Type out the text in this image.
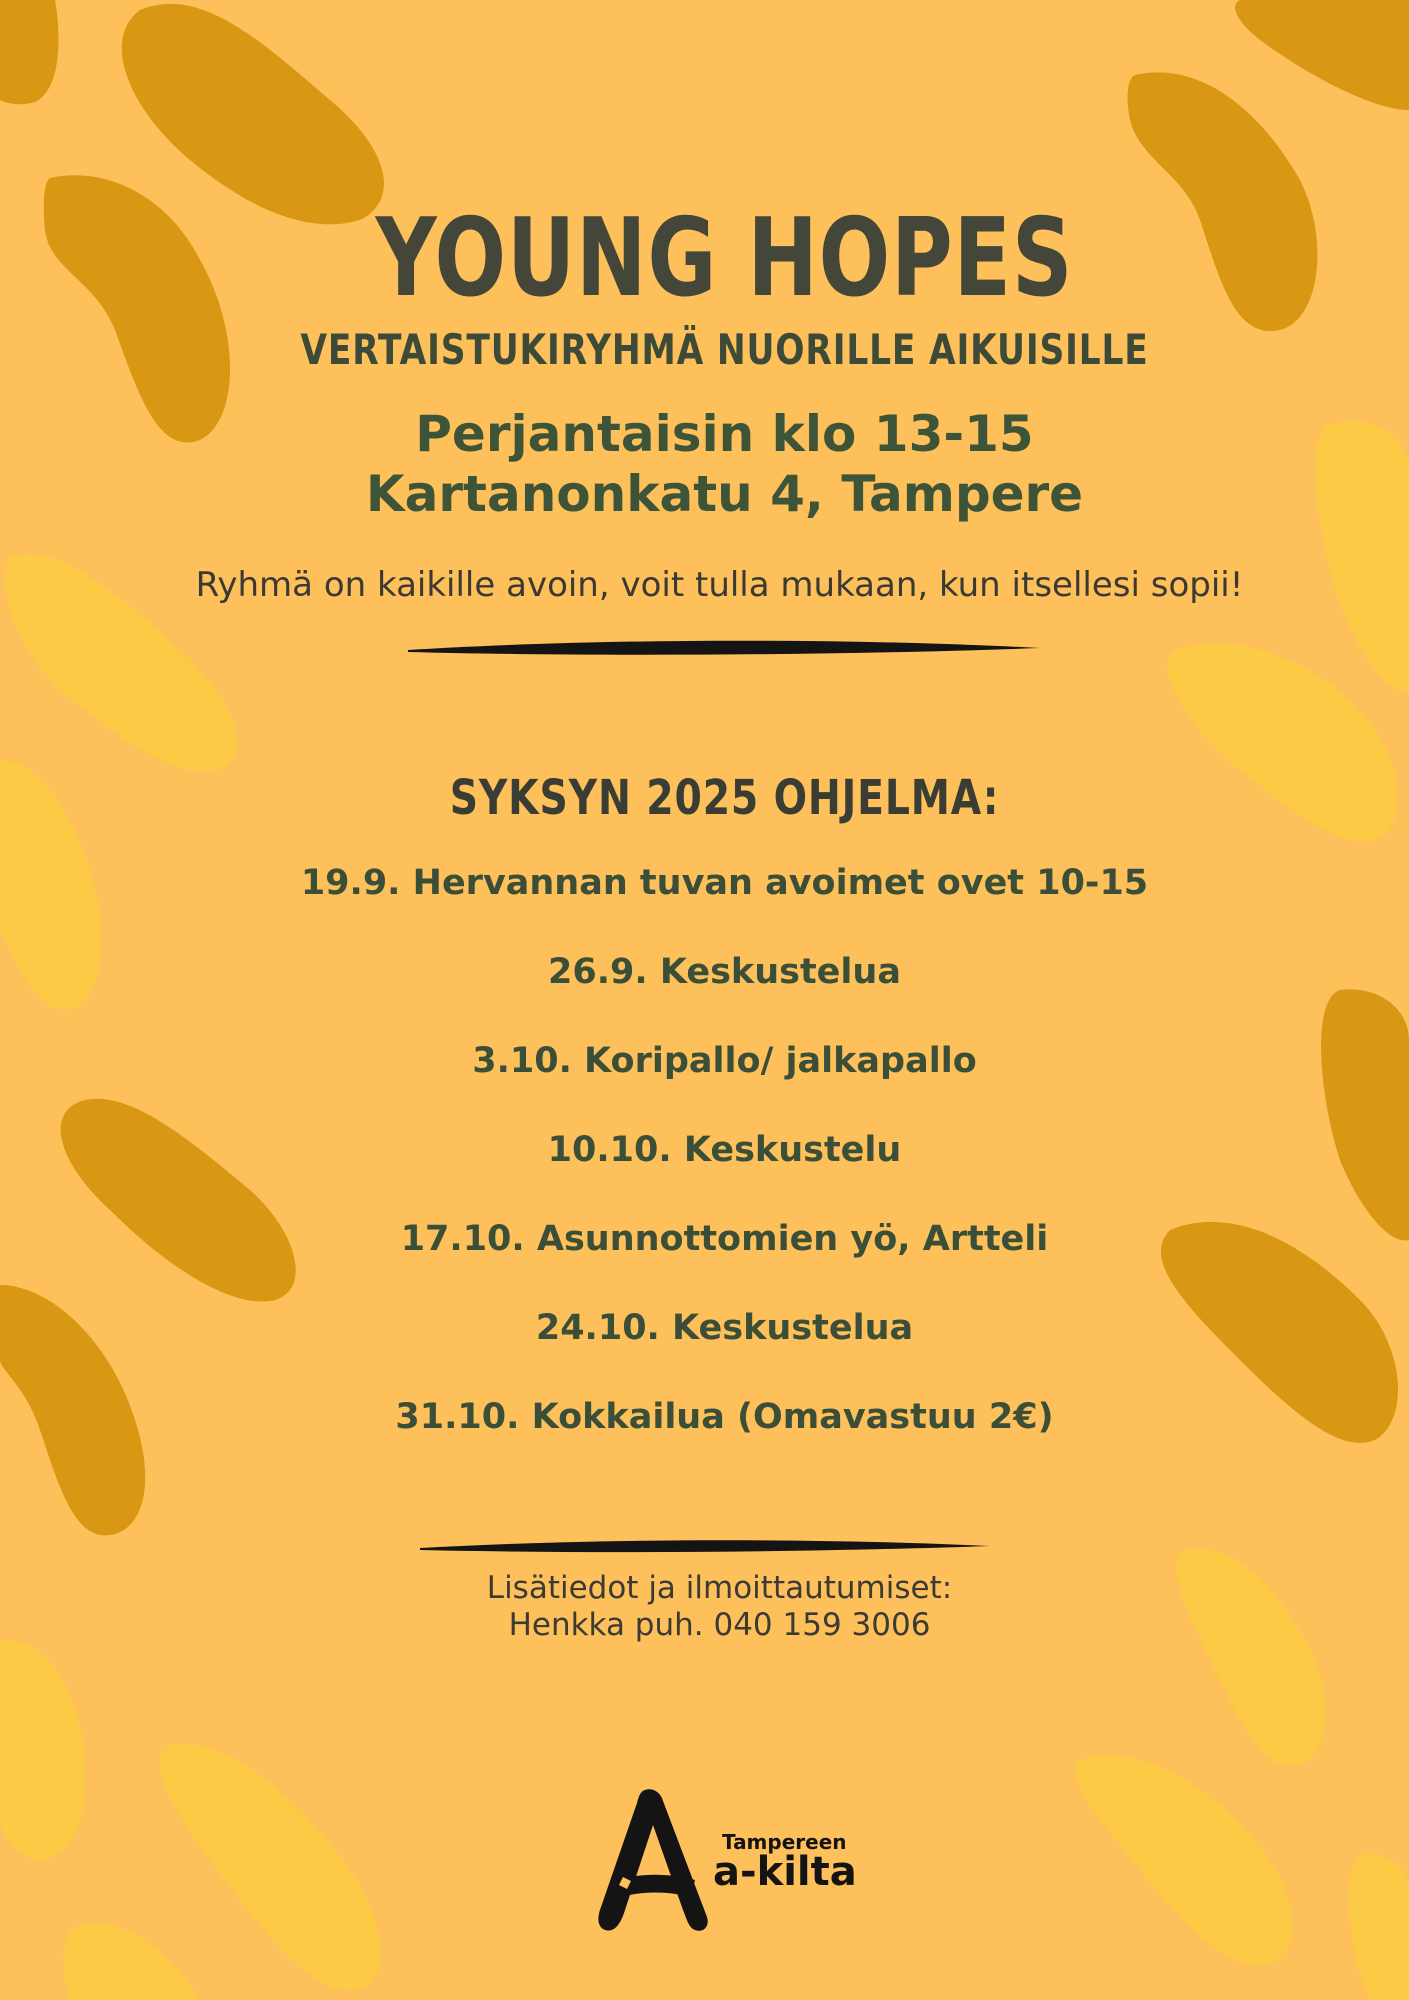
YOUNG HOPES
VERTAISTUKIRYHMÄ NUORILLE AIKUISILLE
Perjantaisin klo 13-15
Kartanonkatu 4, Tampere
Ryhmä on kaikille avoin, voit tulla mukaan, kun itsellesi sopii!
SYKSYN 2025 OHJELMA:
19.9. Hervannan tuvan avoimet ovet 10-15
26.9. Keskustelua
3.10. Koripallo/ jalkapallo
10.10. Keskustelu
17.10. Asunnottomien yö, Artteli
24.10. Keskustelua
31.10. Kokkailua (Omavastuu 2€)
Lisätiedot ja ilmoittautumiset:
Henkka puh. 040 159 3006
Tampereen
a-kilta
